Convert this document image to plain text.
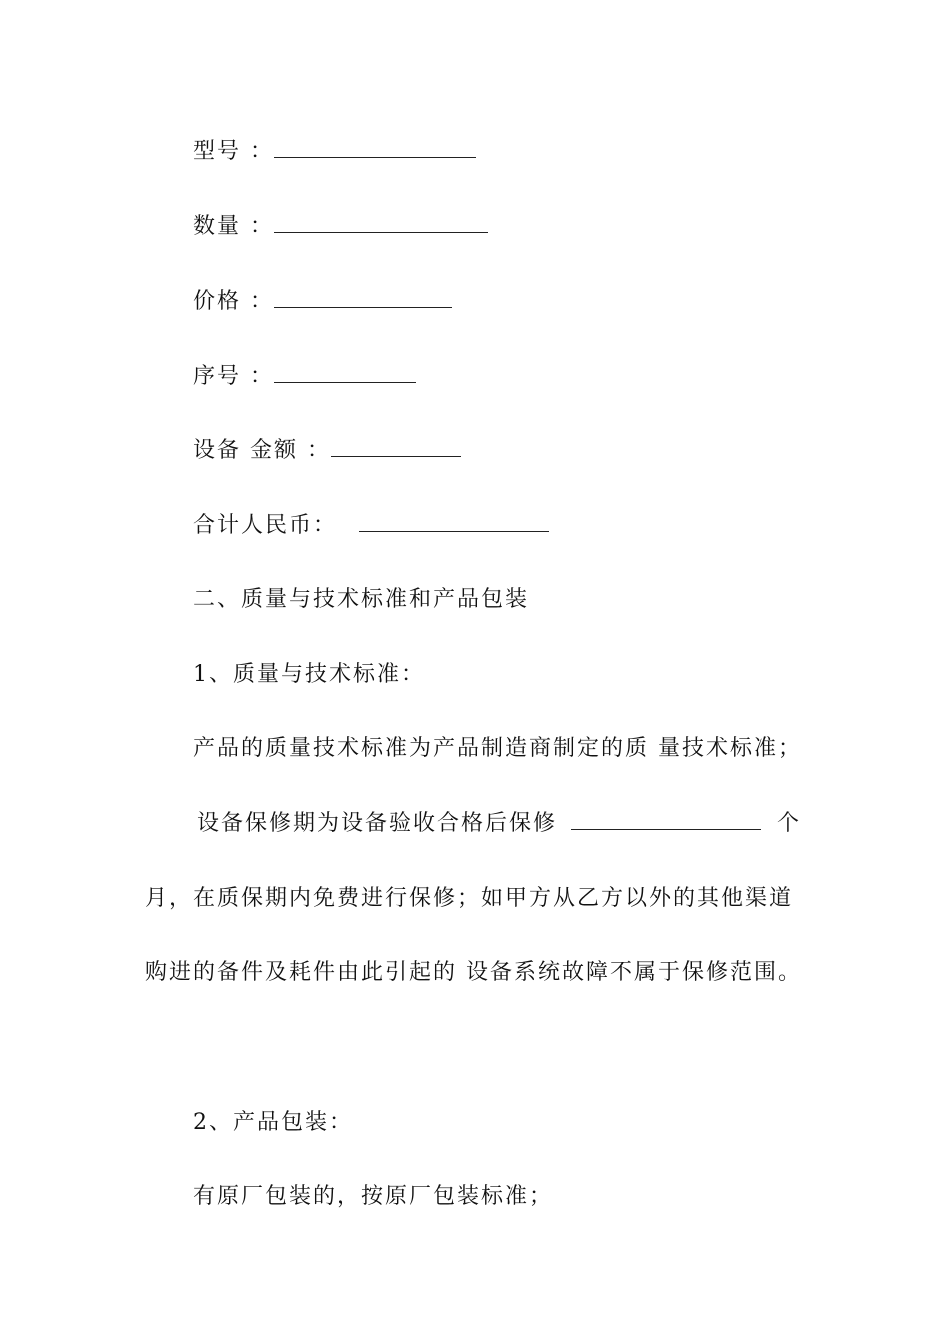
型号 ：
数量 ：
价格 ：
序号 ：
设备 金额 ：
合计人民币：
二、质量与技术标准和产品包装
1、质量与技术标准：
产品的质量技术标准为产品制造商制定的质 量技术标准；
设备保修期为设备验收合格后保修	个
月，在质保期内免费进行保修；如甲方从乙方以外的其他渠道
购进的备件及耗件由此引起的 设备系统故障不属于保修范围。
2、产品包装：
有原厂包装的，按原厂包装标准；
